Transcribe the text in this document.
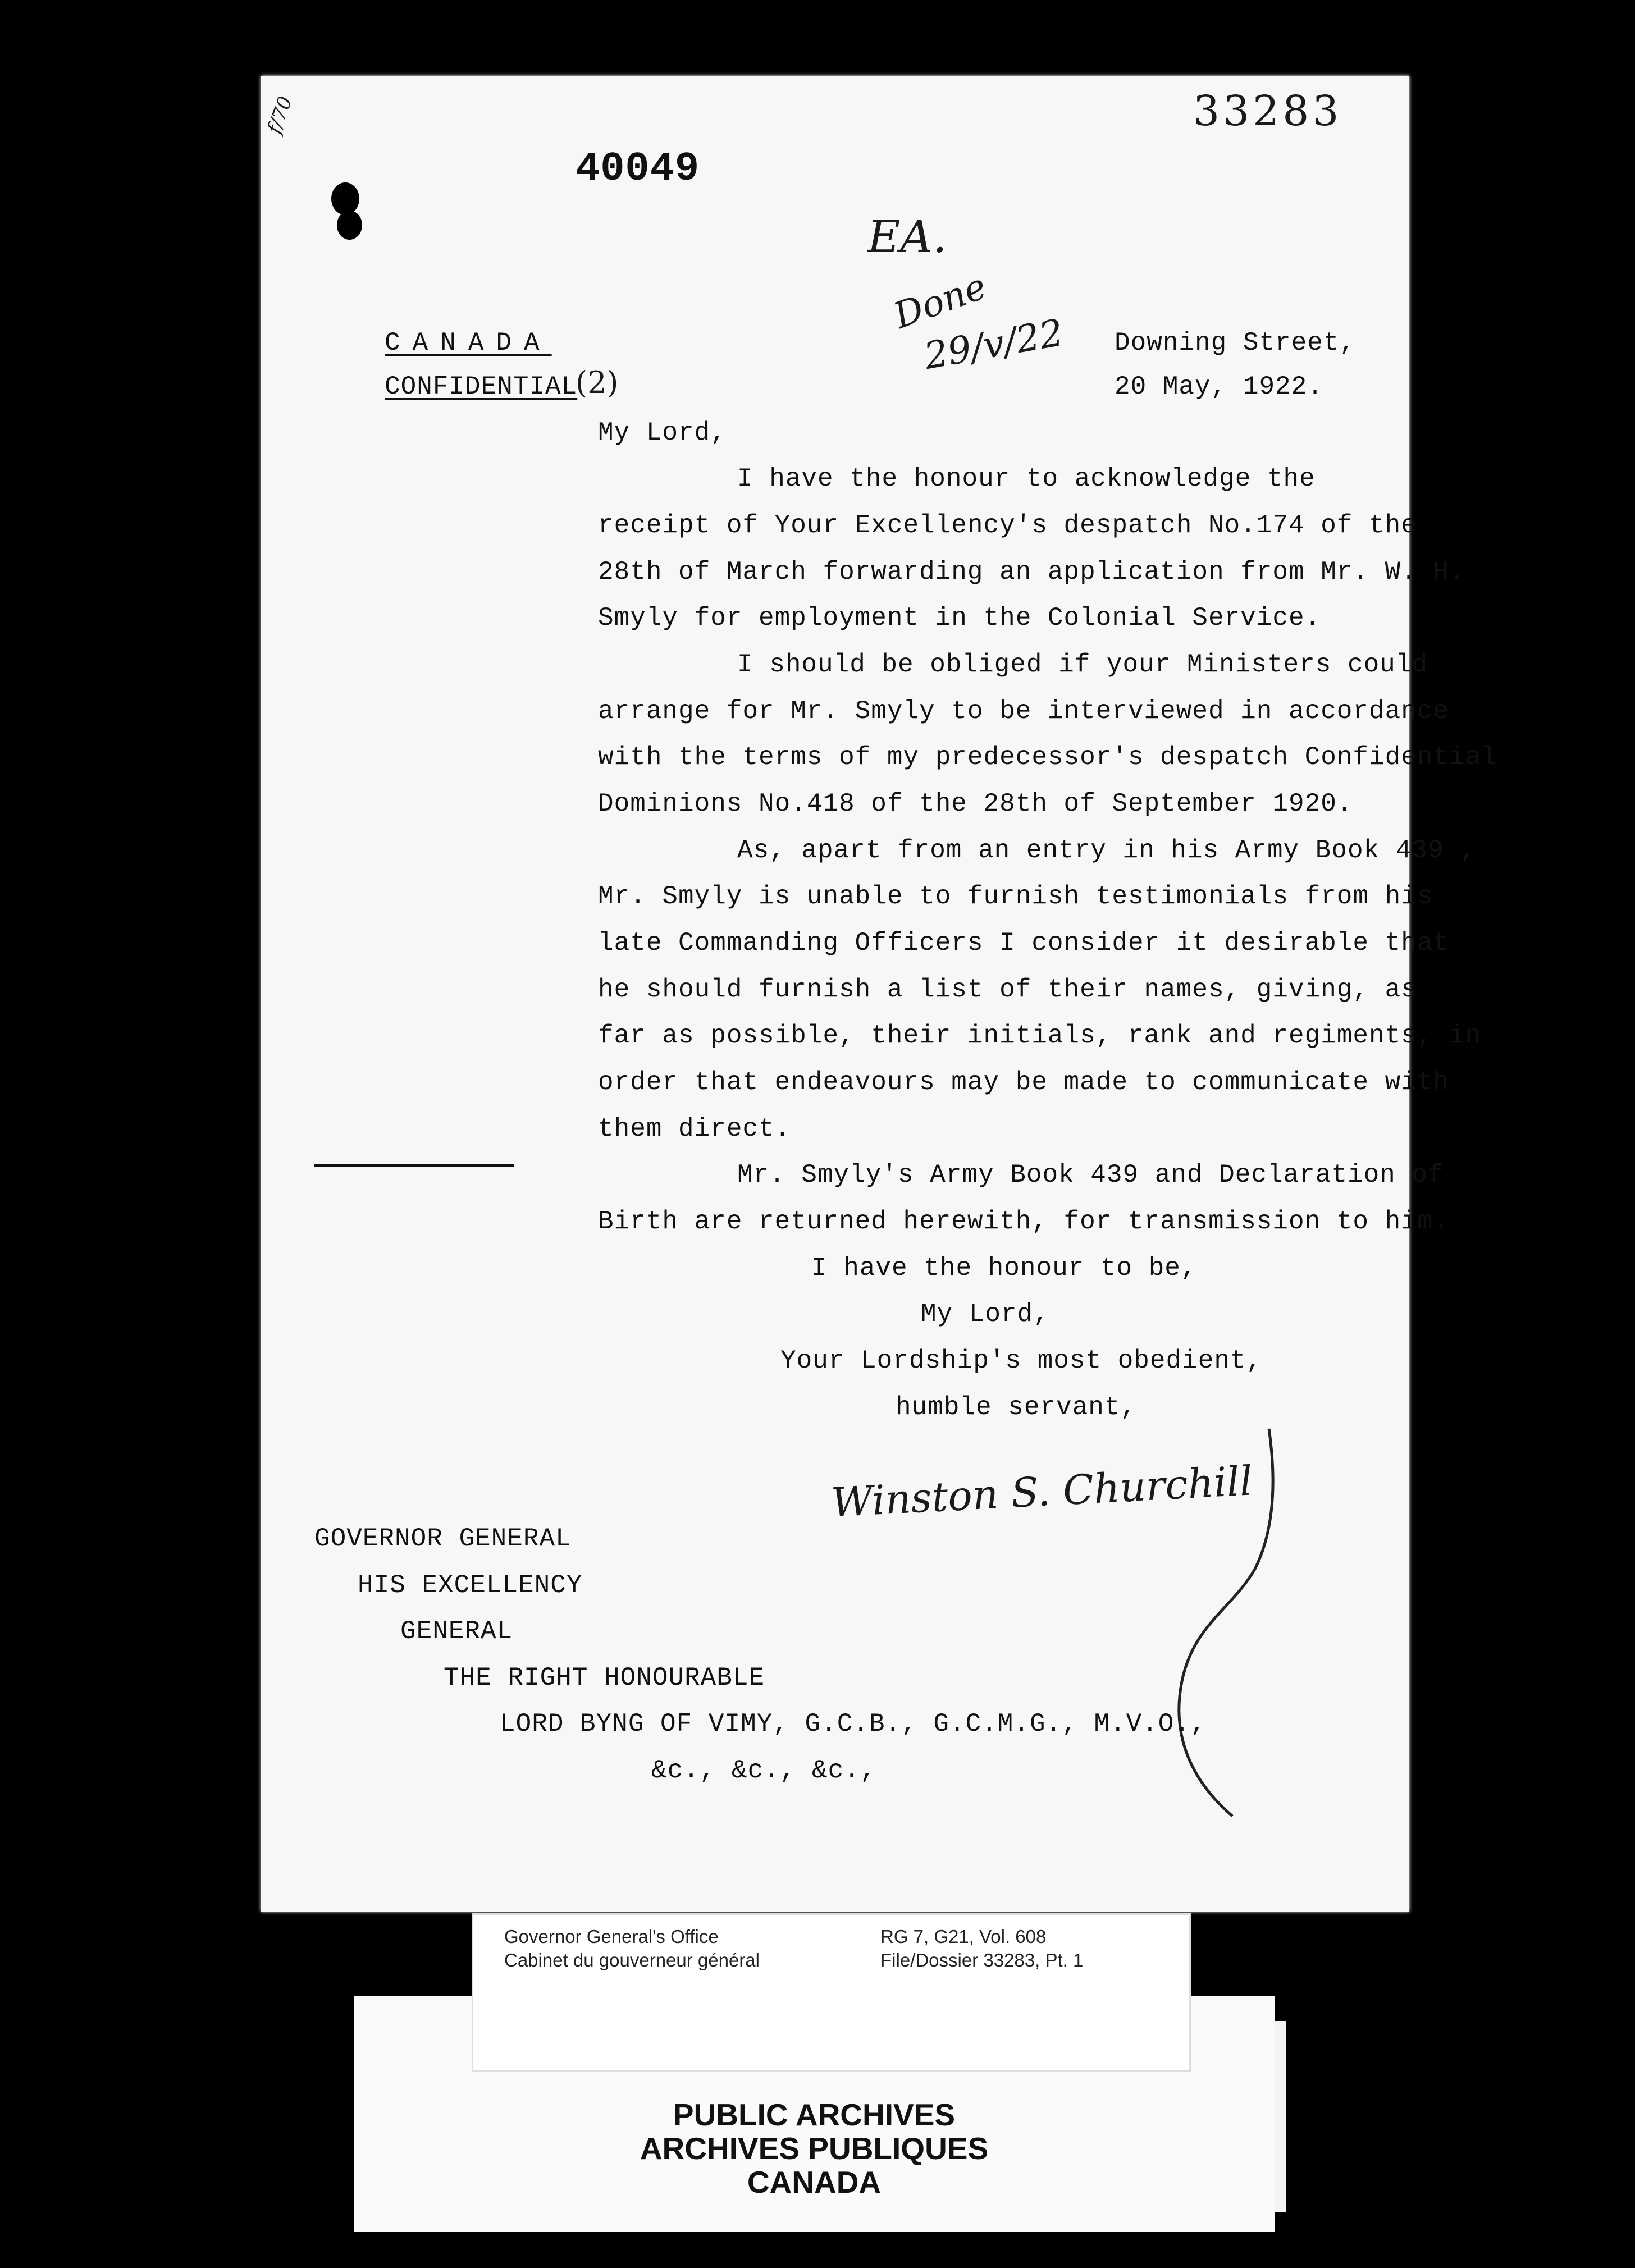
f/70	33283
40049
EA.
Done
29/v/22
CANADA
CONFIDENTIAL
(2)
Downing Street,
20 May, 1922.
My Lord,
I have the honour to acknowledge the
receipt of Your Excellency's despatch No.174 of the
28th of March forwarding an application from Mr. W. H.
Smyly for employment in the Colonial Service.
I should be obliged if your Ministers could
arrange for Mr. Smyly to be interviewed in accordance
with the terms of my predecessor's despatch Confidential
Dominions No.418 of the 28th of September 1920.
As, apart from an entry in his Army Book 439 ,
Mr. Smyly is unable to furnish testimonials from his
late Commanding Officers I consider it desirable that
he should furnish a list of their names, giving, as
far as possible, their initials, rank and regiments, in
order that endeavours may be made to communicate with
them direct.
Mr. Smyly's Army Book 439 and Declaration of
Birth are returned herewith, for transmission to him.
I have the honour to be,
My Lord,
Your Lordship's most obedient,
humble servant,
Winston S. Churchill
GOVERNOR GENERAL
HIS EXCELLENCY
GENERAL
THE RIGHT HONOURABLE
LORD BYNG OF VIMY, G.C.B., G.C.M.G., M.V.O.,
&c., &c., &c.,
PUBLIC ARCHIVES
ARCHIVES PUBLIQUES
CANADA
Governor General's Office
Cabinet du gouverneur général
RG 7, G21, Vol. 608
File/Dossier 33283, Pt. 1
